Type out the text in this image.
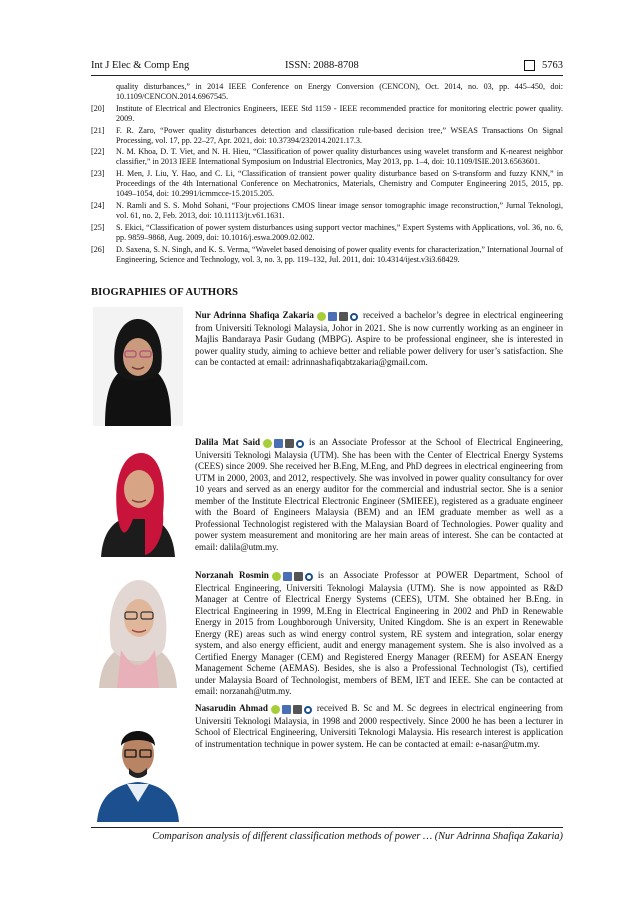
Int J Elec & Comp Eng	ISSN: 2088-8708	5763
quality disturbances,” in 2014 IEEE Conference on Energy Conversion (CENCON), Oct. 2014, no. 03, pp. 445–450, doi: 10.1109/CENCON.2014.6967545.
[20] Institute of Electrical and Electronics Engineers, IEEE Std 1159 - IEEE recommended practice for monitoring electric power quality. 2009.
[21] F. R. Zaro, “Power quality disturbances detection and classification rule-based decision tree,” WSEAS Transactions On Signal Processing, vol. 17, pp. 22–27, Apr. 2021, doi: 10.37394/232014.2021.17.3.
[22] N. M. Khoa, D. T. Viet, and N. H. Hieu, “Classification of power quality disturbances using wavelet transform and K-nearest neighbor classifier,” in 2013 IEEE International Symposium on Industrial Electronics, May 2013, pp. 1–4, doi: 10.1109/ISIE.2013.6563601.
[23] H. Men, J. Liu, Y. Hao, and C. Li, “Classification of transient power quality disturbance based on S-transform and fuzzy KNN,” in Proceedings of the 4th International Conference on Mechatronics, Materials, Chemistry and Computer Engineering 2015, 2015, pp. 1049–1054, doi: 10.2991/icmmcce-15.2015.205.
[24] N. Ramli and S. S. Mohd Sohani, “Four projections CMOS linear image sensor tomographic image reconstruction,” Jurnal Teknologi, vol. 61, no. 2, Feb. 2013, doi: 10.11113/jt.v61.1631.
[25] S. Ekici, “Classification of power system disturbances using support vector machines,” Expert Systems with Applications, vol. 36, no. 6, pp. 9859–9868, Aug. 2009, doi: 10.1016/j.eswa.2009.02.002.
[26] D. Saxena, S. N. Singh, and K. S. Verma, “Wavelet based denoising of power quality events for characterization,” International Journal of Engineering, Science and Technology, vol. 3, no. 3, pp. 119–132, Jul. 2011, doi: 10.4314/ijest.v3i3.68429.
BIOGRAPHIES OF AUTHORS
Nur Adrinna Shafiqa Zakaria	received a bachelor’s degree in electrical engineering from Universiti Teknologi Malaysia, Johor in 2021. She is now currently working as an engineer in Majlis Bandaraya Pasir Gudang (MBPG). Aspire to be professional engineer, she is interested in power quality study, aiming to achieve better and reliable power delivery for user’s satisfaction. She can be contacted at email: adrinnashafiqabtzakaria@gmail.com.
Dalila Mat Said	is an Associate Professor at the School of Electrical Engineering, Universiti Teknologi Malaysia (UTM). She has been with the Center of Electrical Energy Systems (CEES) since 2009. She received her B.Eng, M.Eng, and PhD degrees in electrical engineering from UTM in 2000, 2003, and 2012, respectively. She was involved in power quality consultancy for over 10 years and served as an energy auditor for the commercial and industrial sector. She is a senior member of the Institute Electrical Electronic Engineer (SMIEEE), registered as a graduate engineer with the Board of Engineers Malaysia (BEM) and an IEM graduate member as well as a Professional Technologist registered with the Malaysian Board of Technologies. Power quality and power system measurement and monitoring are her main areas of interest. She can be contacted at email: dalila@utm.my.
Norzanah Rosmin	is an Associate Professor at POWER Department, School of Electrical Engineering, Universiti Teknologi Malaysia (UTM). She is now appointed as R&D Manager at Centre of Electrical Energy Systems (CEES), UTM. She obtained her B.Eng. in Electrical Engineering in 1999, M.Eng in Electrical Engineering in 2002 and PhD in Renewable Energy in 2015 from Loughborough University, United Kingdom. She is an expert in Renewable Energy (RE) areas such as wind energy control system, RE system and integration, solar energy system, and also energy efficient, audit and energy management system. She is also involved as a Certified Energy Manager (CEM) and Registered Energy Manager (REEM) for ASEAN Energy Management Scheme (AEMAS). Besides, she is also a Professional Technologist (Ts), certified under Malaysia Board of Technologist, members of BEM, IET and IEEE. She can be contacted at email: norzanah@utm.my.
Nasarudin Ahmad	received B. Sc and M. Sc degrees in electrical engineering from Universiti Teknologi Malaysia, in 1998 and 2000 respectively. Since 2000 he has been a lecturer in School of Electrical Engineering, Universiti Teknologi Malaysia. His research interest is application of instrumentation technique in power system. He can be contacted at email: e-nasar@utm.my.
Comparison analysis of different classification methods of power … (Nur Adrinna Shafiqa Zakaria)
